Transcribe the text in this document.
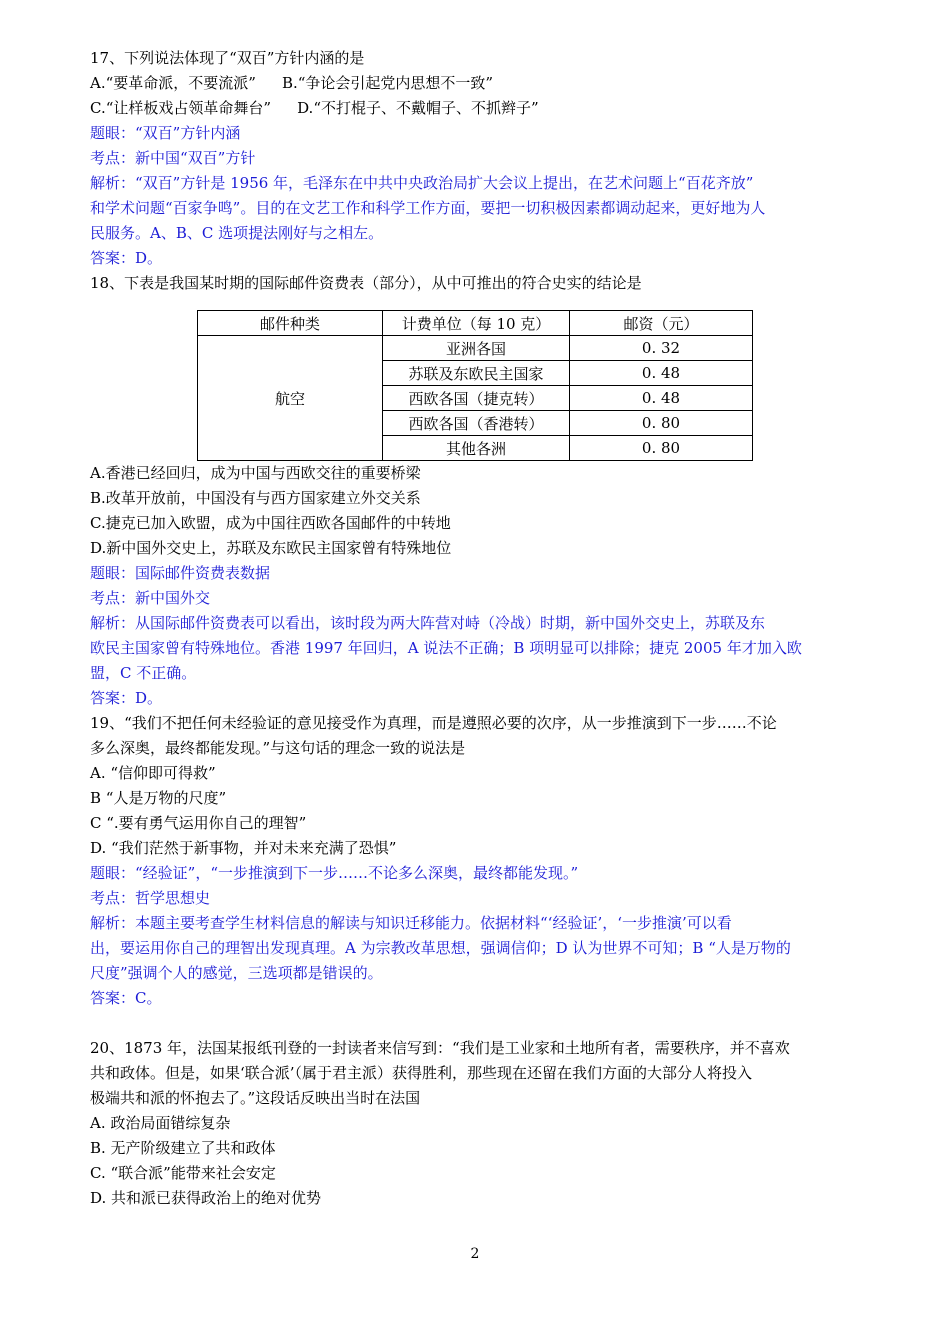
17、下列说法体现了“双百”方针内涵的是

A.“要革命派，不要流派” B.“争论会引起党内思想不一致”

C.“让样板戏占领革命舞台” D.“不打棍子、不戴帽子、不抓辫子”

题眼：“双百”方针内涵

考点：新中国“双百”方针

解析：“双百”方针是 1956 年，毛泽东在中共中央政治局扩大会议上提出，在艺术问题上“百花齐放”

和学术问题“百家争鸣”。目的在文艺工作和科学工作方面，要把一切积极因素都调动起来，更好地为人

民服务。A、B、C 选项提法刚好与之相左。

答案：D。

18、下表是我国某时期的国际邮件资费表（部分），从中可推出的符合史实的结论是

邮件种类	计费单位（每 10 克）	邮资（元）
航空	亚洲各国	0. 32
	苏联及东欧民主国家	0. 48
	西欧各国（捷克转）	0. 48
	西欧各国（香港转）	0. 80
	其他各洲	0. 80

A.香港已经回归，成为中国与西欧交往的重要桥梁

B.改革开放前，中国没有与西方国家建立外交关系

C.捷克已加入欧盟，成为中国往西欧各国邮件的中转地

D.新中国外交史上，苏联及东欧民主国家曾有特殊地位

题眼：国际邮件资费表数据

考点：新中国外交

解析：从国际邮件资费表可以看出，该时段为两大阵营对峙（冷战）时期，新中国外交史上，苏联及东

欧民主国家曾有特殊地位。香港 1997 年回归，A 说法不正确；B 项明显可以排除；捷克 2005 年才加入欧

盟，C 不正确。

答案：D。

19、“我们不把任何未经验证的意见接受作为真理，而是遵照必要的次序，从一步推演到下一步……不论

多么深奥，最终都能发现。”与这句话的理念一致的说法是

A. “信仰即可得救”

B “人是万物的尺度”

C “.要有勇气运用你自己的理智”

D. “我们茫然于新事物，并对未来充满了恐惧”

题眼：“经验证”，“一步推演到下一步……不论多么深奥，最终都能发现。”

考点：哲学思想史

解析：本题主要考查学生材料信息的解读与知识迁移能力。依据材料“‘经验证’，‘一步推演’可以看

出，要运用你自己的理智出发现真理。A 为宗教改革思想，强调信仰；D 认为世界不可知；B “人是万物的

尺度”强调个人的感觉，三选项都是错误的。

答案：C。

20、1873 年，法国某报纸刊登的一封读者来信写到：“我们是工业家和土地所有者，需要秩序，并不喜欢

共和政体。但是，如果‘联合派’（属于君主派）获得胜利，那些现在还留在我们方面的大部分人将投入

极端共和派的怀抱去了。”这段话反映出当时在法国

A. 政治局面错综复杂

B. 无产阶级建立了共和政体

C. “联合派”能带来社会安定

D. 共和派已获得政治上的绝对优势

2
